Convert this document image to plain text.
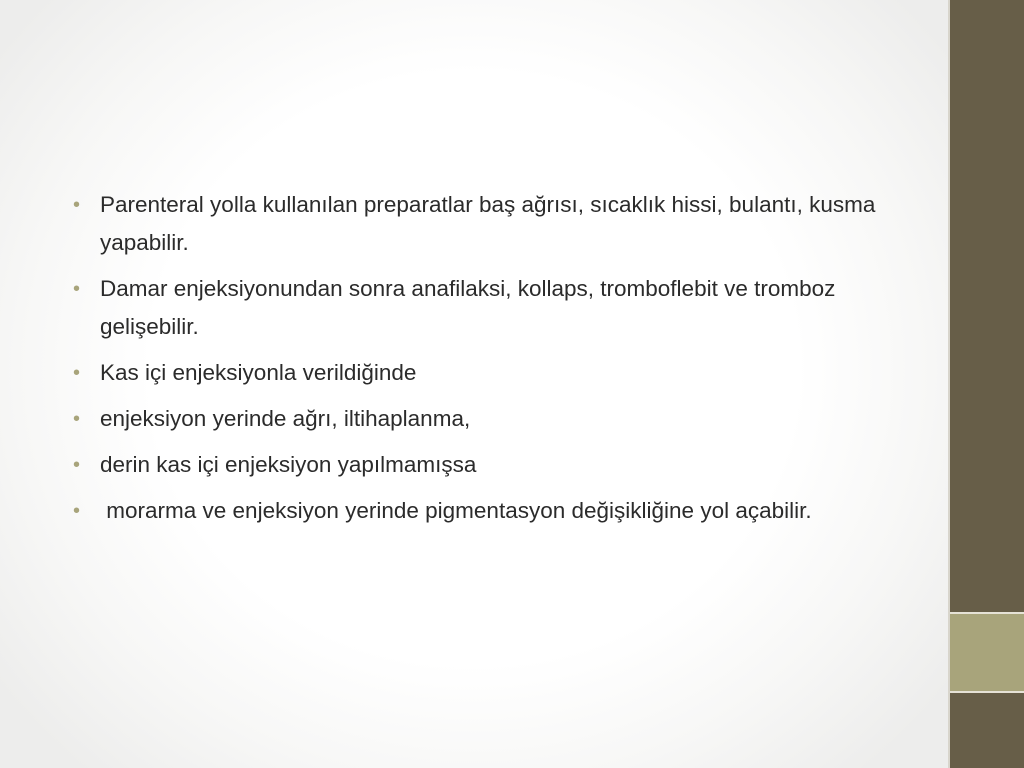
• Parenteral yolla kullanılan preparatlar baş ağrısı, sıcaklık hissi, bulantı, kusma yapabilir.
• Damar enjeksiyonundan sonra anafilaksi, kollaps, tromboflebit ve tromboz gelişebilir.
• Kas içi enjeksiyonla verildiğinde
• enjeksiyon yerinde ağrı, iltihaplanma,
• derin kas içi enjeksiyon yapılmamışsa
• morarma ve enjeksiyon yerinde pigmentasyon değişikliğine yol açabilir.
